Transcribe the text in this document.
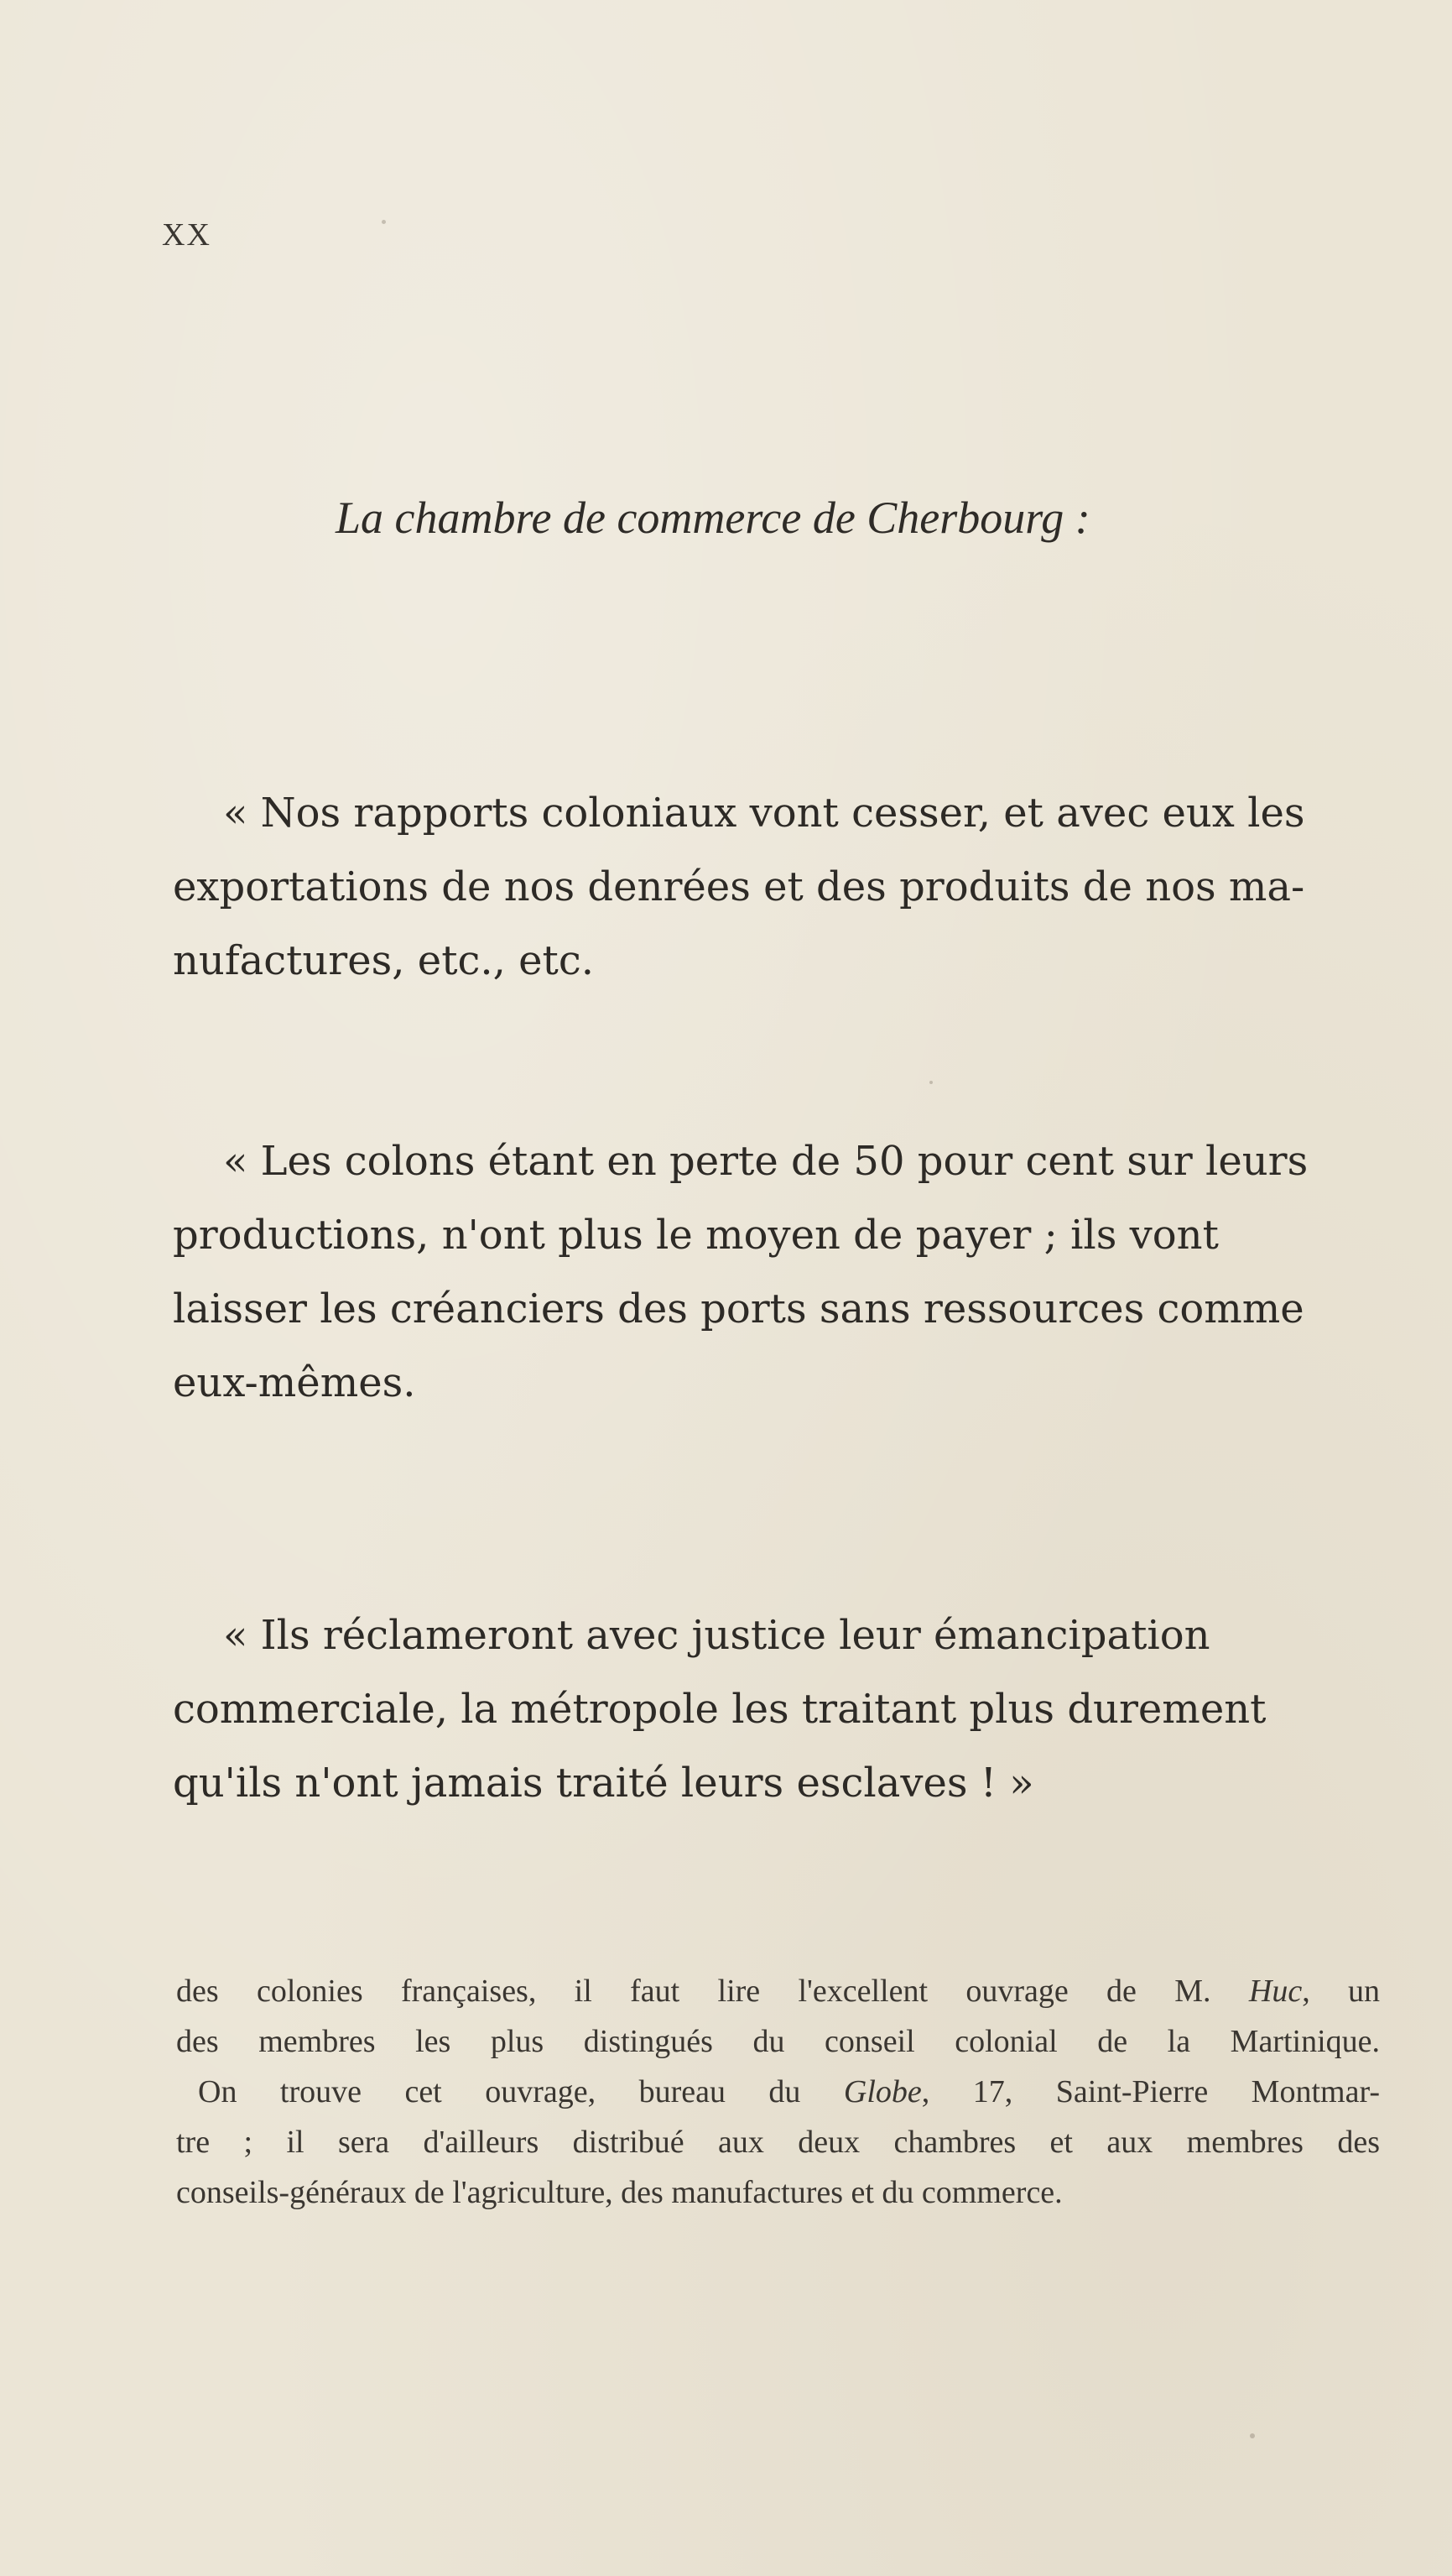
XX
La chambre de commerce de Cherbourg :
« Nos rapports coloniaux vont cesser, et avec eux les
exportations de nos denrées et des produits de nos ma-
nufactures, etc., etc.
« Les colons étant en perte de 50 pour cent sur leurs
productions, n'ont plus le moyen de payer ; ils vont
laisser les créanciers des ports sans ressources comme
eux-mêmes.
« Ils réclameront avec justice leur émancipation
commerciale, la métropole les traitant plus durement
qu'ils n'ont jamais traité leurs esclaves ! »
des colonies françaises, il faut lire l'excellent ouvrage de M. Huc, un
des membres les plus distingués du conseil colonial de la Martinique.
On trouve cet ouvrage, bureau du Globe, 17, Saint-Pierre Montmar-
tre ; il sera d'ailleurs distribué aux deux chambres et aux membres des
conseils-généraux de l'agriculture, des manufactures et du commerce.
